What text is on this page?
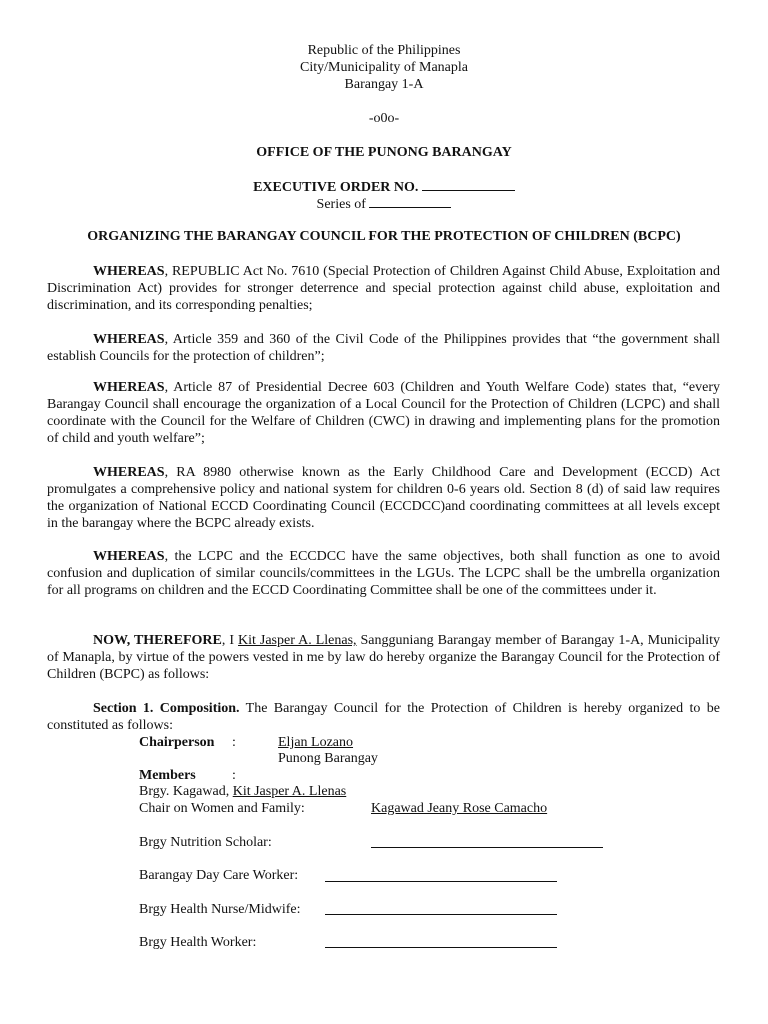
Republic of the Philippines
City/Municipality of Manapla
Barangay 1-A
-o0o-
OFFICE OF THE PUNONG BARANGAY
EXECUTIVE ORDER NO.
Series of
ORGANIZING THE BARANGAY COUNCIL FOR THE PROTECTION OF CHILDREN (BCPC)
WHEREAS, REPUBLIC Act No. 7610 (Special Protection of Children Against Child Abuse, Exploitation and Discrimination Act) provides for stronger deterrence and special protection against child abuse, exploitation and discrimination, and its corresponding penalties;
WHEREAS, Article 359 and 360 of the Civil Code of the Philippines provides that “the government shall establish Councils for the protection of children”;
WHEREAS, Article 87 of Presidential Decree 603 (Children and Youth Welfare Code) states that, “every Barangay Council shall encourage the organization of a Local Council for the Protection of Children (LCPC) and shall coordinate with the Council for the Welfare of Children (CWC) in drawing and implementing plans for the promotion of child and youth welfare”;
WHEREAS, RA 8980 otherwise known as the Early Childhood Care and Development (ECCD) Act promulgates a comprehensive policy and national system for children 0-6 years old. Section 8 (d) of said law requires the organization of National ECCD Coordinating Council (ECCDCC)and coordinating committees at all levels except in the barangay where the BCPC already exists.
WHEREAS, the LCPC and the ECCDCC have the same objectives, both shall function as one to avoid confusion and duplication of similar councils/committees in the LGUs. The LCPC shall be the umbrella organization for all programs on children and the ECCD Coordinating Committee shall be one of the committees under it.
NOW, THEREFORE, I Kit Jasper A. Llenas, Sangguniang Barangay member of Barangay 1-A, Municipality of Manapla, by virtue of the powers vested in me by law do hereby organize the Barangay Council for the Protection of Children (BCPC) as follows:
Section 1. Composition. The Barangay Council for the Protection of Children is hereby organized to be constituted as follows:
Chairperson :	Eljan Lozano
Punong Barangay
Members	:
Brgy. Kagawad, Kit Jasper A. Llenas
Chair on Women and Family:	Kagawad Jeany Rose Camacho
Brgy Nutrition Scholar:
Barangay Day Care Worker:
Brgy Health Nurse/Midwife:
Brgy Health Worker:
